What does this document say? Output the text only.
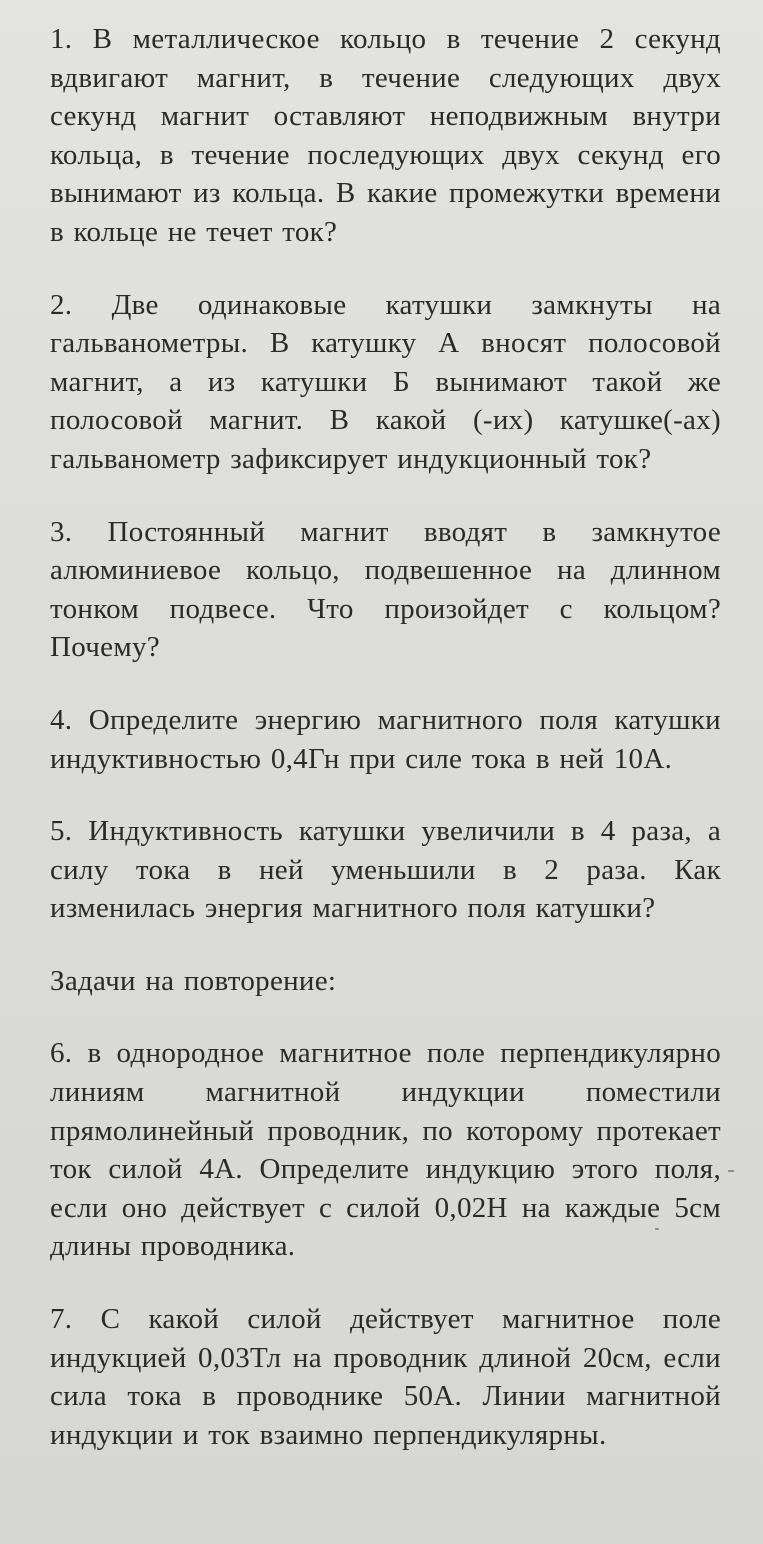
1. В металлическое кольцо в течение 2 секунд вдвигают магнит, в течение следующих двух секунд магнит оставляют неподвижным внутри кольца, в течение последующих двух секунд его вынимают из кольца. В какие промежутки времени в кольце не течет ток?

2. Две одинаковые катушки замкнуты на гальванометры. В катушку А вносят полосовой магнит, а из катушки Б вынимают такой же полосовой магнит. В какой (-их) катушке(-ах) гальванометр зафиксирует индукционный ток?

3. Постоянный магнит вводят в замкнутое алюминиевое кольцо, подвешенное на длинном тонком подвесе. Что произойдет с кольцом? Почему?

4. Определите энергию магнитного поля катушки индуктивностью 0,4Гн при силе тока в ней 10А.

5. Индуктивность катушки увеличили в 4 раза, а силу тока в ней уменьшили в 2 раза. Как изменилась энергия магнитного поля катушки?

Задачи на повторение:

6. в однородное магнитное поле перпендикулярно линиям магнитной индукции поместили прямолинейный проводник, по которому протекает ток силой 4А. Определите индукцию этого поля, если оно действует с силой 0,02Н на каждые 5см длины проводника.

7. С какой силой действует магнитное поле индукцией 0,03Тл на проводник длиной 20см, если сила тока в проводнике 50А. Линии магнитной индукции и ток взаимно перпендикулярны.
